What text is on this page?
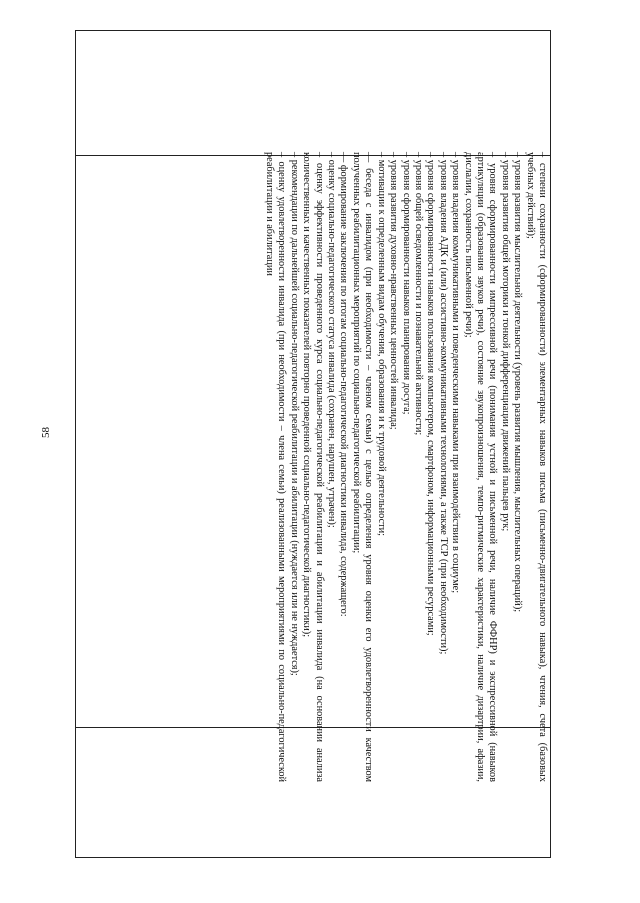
58	– степени сохранности (сформированности) элементарных навыков письма (письменно-двигательного навыка), чтения, счета (базовых учебных действий);
– уровня развития мыслительной деятельности (уровень развития мышления, мыслительных операций);
– уровня развития общей моторики и тонкой дифференциации движений пальцев рук;
– уровня сформированности импрессивной речи (понимания устной и письменной речи, наличие ФФНР) и экспрессивной (навыков артикуляции (образования звуков речи), состояние звукопроизношения, темпо-ритмические характеристики, наличие дизартрии, афазии, дислалии, сохранность письменной речи);
– уровня владения коммуникативными и поведенческими навыками при взаимодействии в социуме;
– уровня владения АДК и (или) ассистивно-коммуникативными технологиями, а также ТСР (при необходимости);
– уровня сформированности навыков пользования компьютером, смартфоном, информационными ресурсами;
– уровня общей осведомленности и познавательной активности;
– уровня сформированности навыков планирования досуга;
– уровня развития духовно-нравственных ценностей инвалида;
– мотивации к определенным видам обучения, образования и к трудовой деятельности;
— беседа с инвалидом (при необходимости – членом семьи) с целью определения уровня оценки его удовлетворенности качеством полученных реабилитационных мероприятий по социально-педагогической реабилитации;
— формирование заключения по итогам социально-педагогической диагностики инвалида, содержащего:
– оценку социально-педагогического статуса инвалида (сохранен, нарушен, утрачен);
– оценку эффективности проведенного курса социально-педагогической реабилитации и абилитации инвалида (на основании анализа количественных и качественных показателей повторно проведенной социально-педагогической диагностики);
– рекомендации по дальнейшей социально-педагогической реабилитации и абилитации (нуждается или не нуждается);
– оценку удовлетворенности инвалида (при необходимости – члена семьи) реализованными мероприятиями по социально-педагогической реабилитации и абилитации
